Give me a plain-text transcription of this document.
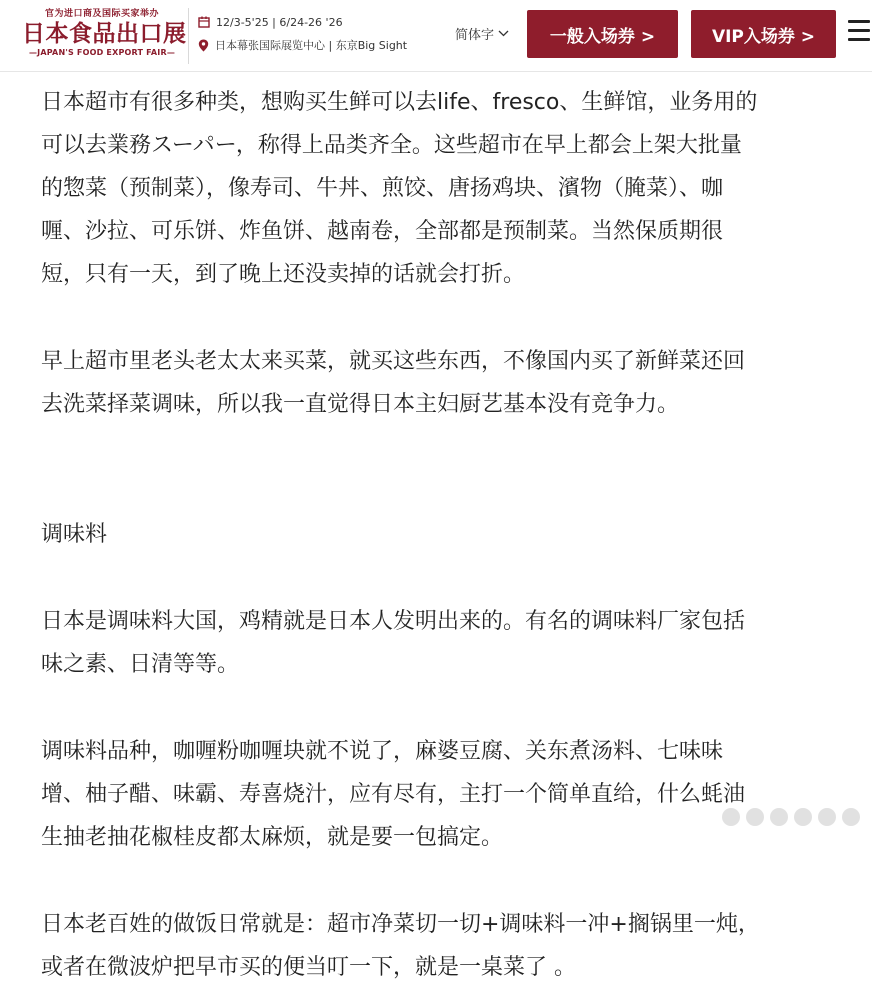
官为进口商及国际买家举办
日本食品出口展
—JAPAN'S FOOD EXPORT FAIR—
12/3-5'25 | 6/24-26 '26
日本幕张国际展览中心 | 东京Big Sight
简体字	一般入场券 >	VIP入场券 >

日本超市有很多种类，想购买生鲜可以去life、fresco、生鲜馆，业务用的

可以去業務スーパー，称得上品类齐全。这些超市在早上都会上架大批量

的惣菜（预制菜），像寿司、牛丼、煎饺、唐扬鸡块、濱物（腌菜）、咖

喱、沙拉、可乐饼、炸鱼饼、越南卷，全部都是预制菜。当然保质期很

短，只有一天，到了晚上还没卖掉的话就会打折。

早上超市里老头老太太来买菜，就买这些东西，不像国内买了新鲜菜还回

去洗菜择菜调味，所以我一直觉得日本主妇厨艺基本没有竞争力。

调味料

日本是调味料大国，鸡精就是日本人发明出来的。有名的调味料厂家包括

味之素、日清等等。

调味料品种，咖喱粉咖喱块就不说了，麻婆豆腐、关东煮汤料、七味味

增、柚子醋、味霸、寿喜烧汁，应有尽有，主打一个简单直给，什么蚝油

生抽老抽花椒桂皮都太麻烦，就是要一包搞定。

日本老百姓的做饭日常就是：超市净菜切一切+调味料一冲+搁锅里一炖，

或者在微波炉把早市买的便当叮一下，就是一桌菜了 。
